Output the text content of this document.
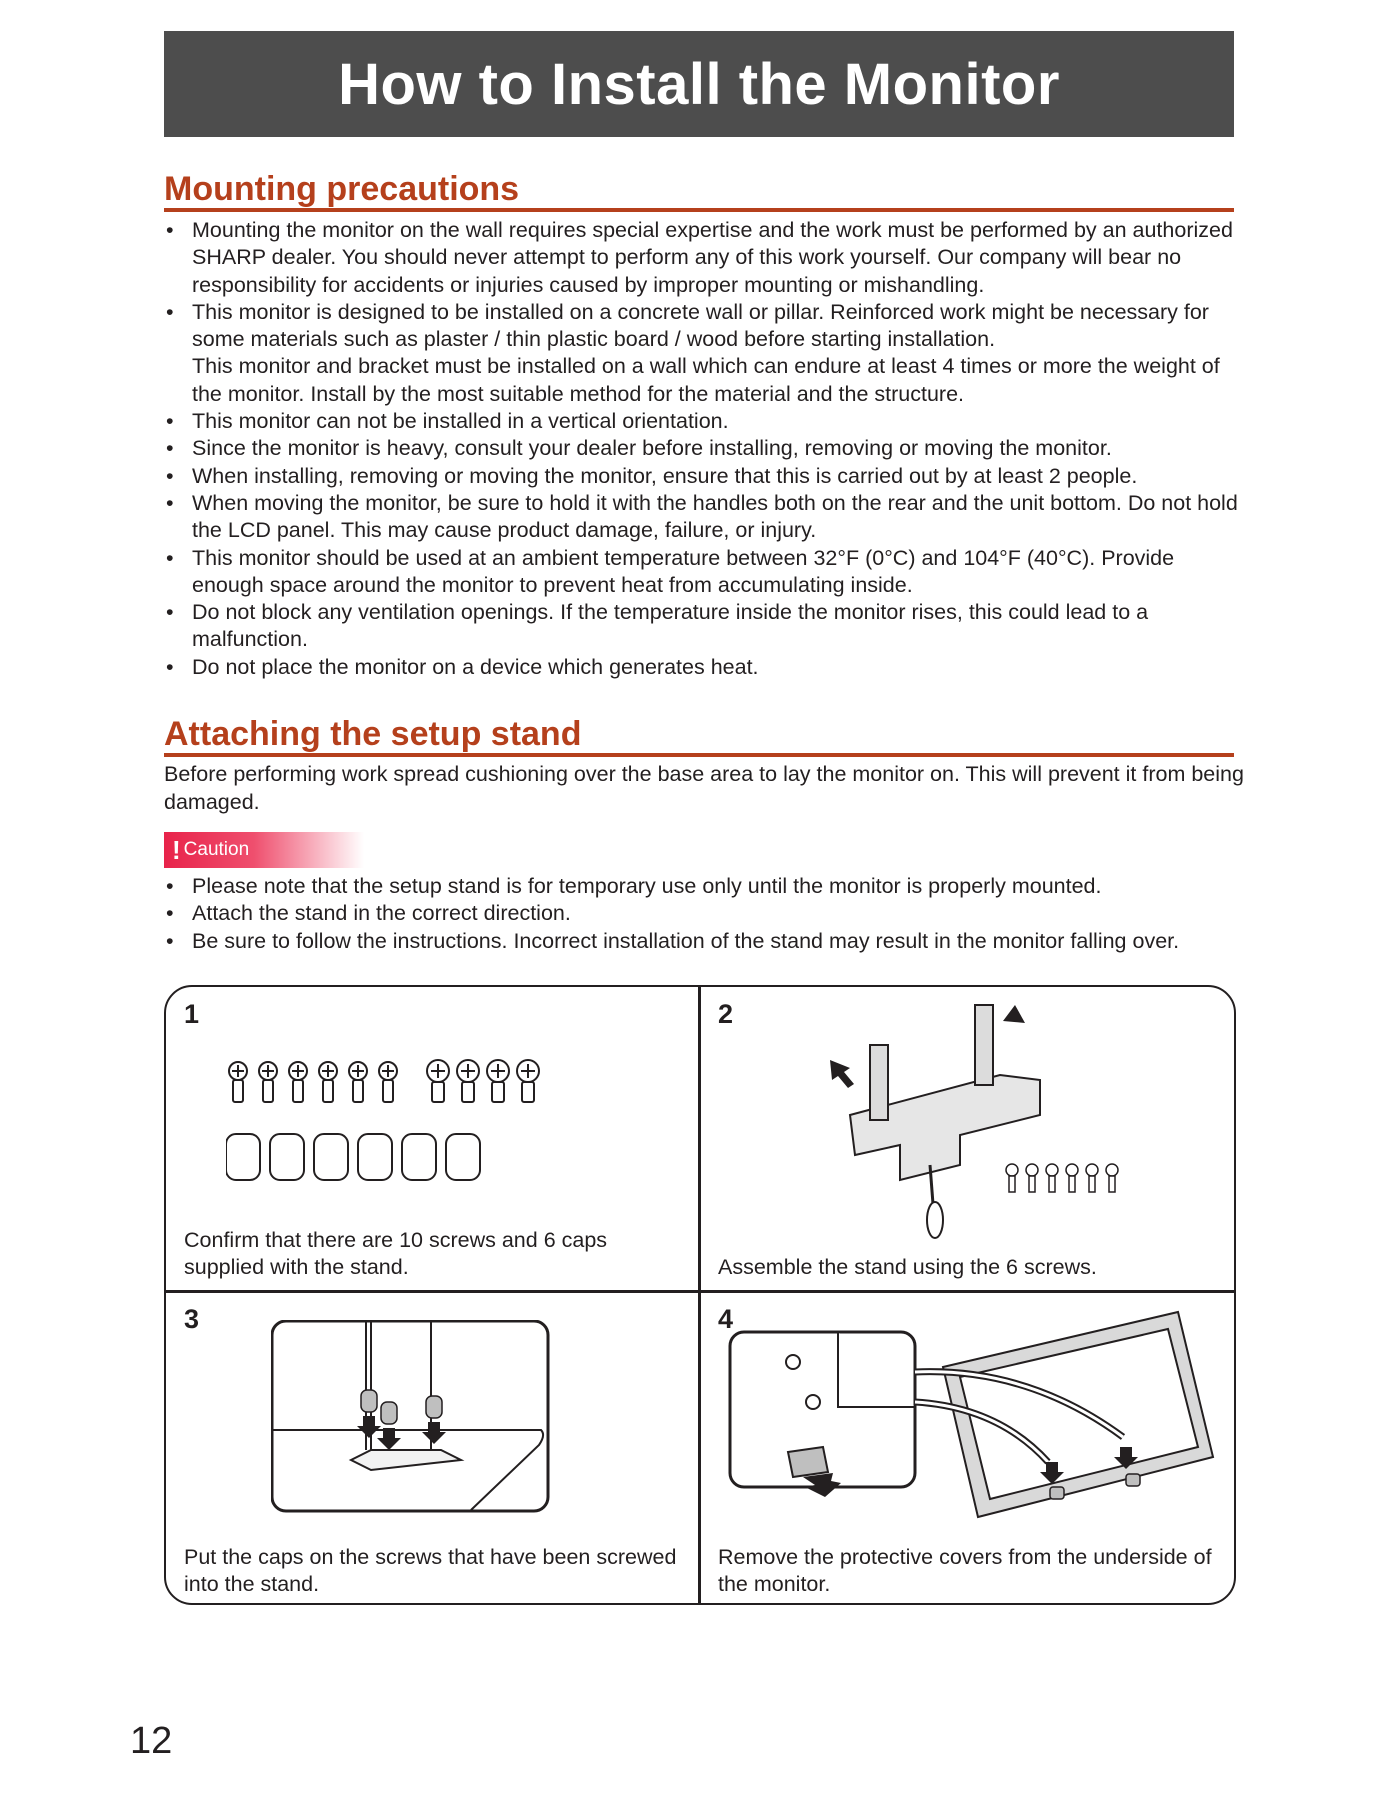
How to Install the Monitor
Mounting precautions
• Mounting the monitor on the wall requires special expertise and the work must be performed by an authorized SHARP dealer. You should never attempt to perform any of this work yourself. Our company will bear no responsibility for accidents or injuries caused by improper mounting or mishandling.
• This monitor is designed to be installed on a concrete wall or pillar. Reinforced work might be necessary for some materials such as plaster / thin plastic board / wood before starting installation.
This monitor and bracket must be installed on a wall which can endure at least 4 times or more the weight of the monitor. Install by the most suitable method for the material and the structure.
• This monitor can not be installed in a vertical orientation.
• Since the monitor is heavy, consult your dealer before installing, removing or moving the monitor.
• When installing, removing or moving the monitor, ensure that this is carried out by at least 2 people.
• When moving the monitor, be sure to hold it with the handles both on the rear and the unit bottom. Do not hold the LCD panel. This may cause product damage, failure, or injury.
• This monitor should be used at an ambient temperature between 32°F (0°C) and 104°F (40°C). Provide enough space around the monitor to prevent heat from accumulating inside.
• Do not block any ventilation openings. If the temperature inside the monitor rises, this could lead to a malfunction.
• Do not place the monitor on a device which generates heat.
Attaching the setup stand

Before performing work spread cushioning over the base area to lay the monitor on. This will prevent it from being damaged.

! Caution
• Please note that the setup stand is for temporary use only until the monitor is properly mounted.
• Attach the stand in the correct direction.
• Be sure to follow the instructions. Incorrect installation of the stand may result in the monitor falling over.
1
Confirm that there are 10 screws and 6 caps supplied with the stand.
2
Assemble the stand using the 6 screws.
3
Put the caps on the screws that have been screwed into the stand.
4
Remove the protective covers from the underside of the monitor.
12
